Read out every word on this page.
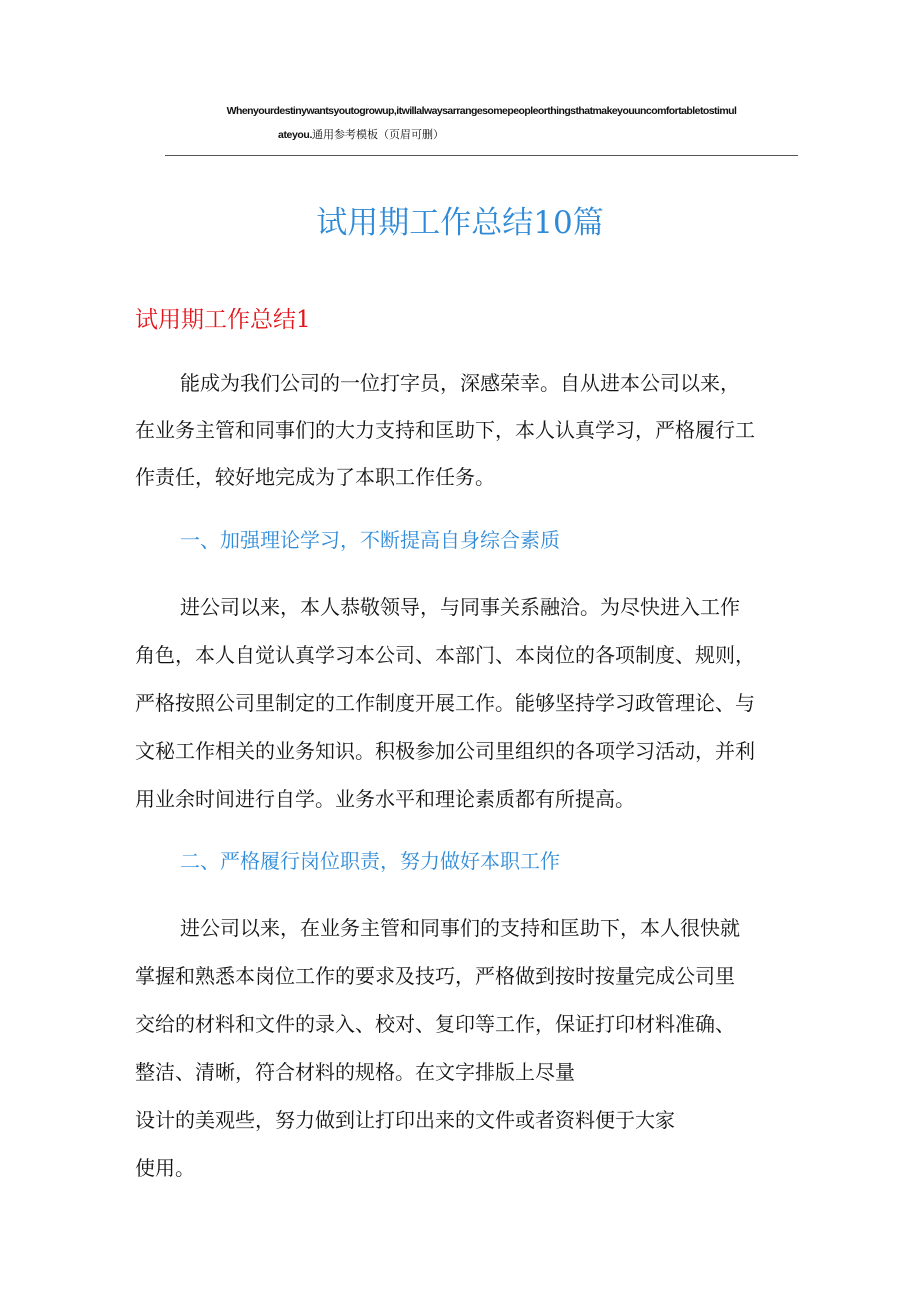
Whenyourdestinywantsyoutogrowup,itwillalwaysarrangesomepeopleorthingsthatmakeyouuncomfortabletostimul
ateyou.通用参考模板（页眉可删）
试用期工作总结10篇
试用期工作总结1
能成为我们公司的一位打字员，深感荣幸。自从进本公司以来，
在业务主管和同事们的大力支持和匡助下，本人认真学习，严格履行工
作责任，较好地完成为了本职工作任务。
一、加强理论学习，不断提高自身综合素质
进公司以来，本人恭敬领导，与同事关系融洽。为尽快进入工作
角色，本人自觉认真学习本公司、本部门、本岗位的各项制度、规则，
严格按照公司里制定的工作制度开展工作。能够坚持学习政管理论、与
文秘工作相关的业务知识。积极参加公司里组织的各项学习活动，并利
用业余时间进行自学。业务水平和理论素质都有所提高。
二、严格履行岗位职责，努力做好本职工作
进公司以来，在业务主管和同事们的支持和匡助下，本人很快就
掌握和熟悉本岗位工作的要求及技巧，严格做到按时按量完成公司里
交给的材料和文件的录入、校对、复印等工作，保证打印材料准确、
整洁、清晰，符合材料的规格。在文字排版上尽量
设计的美观些，努力做到让打印出来的文件或者资料便于大家
使用。
